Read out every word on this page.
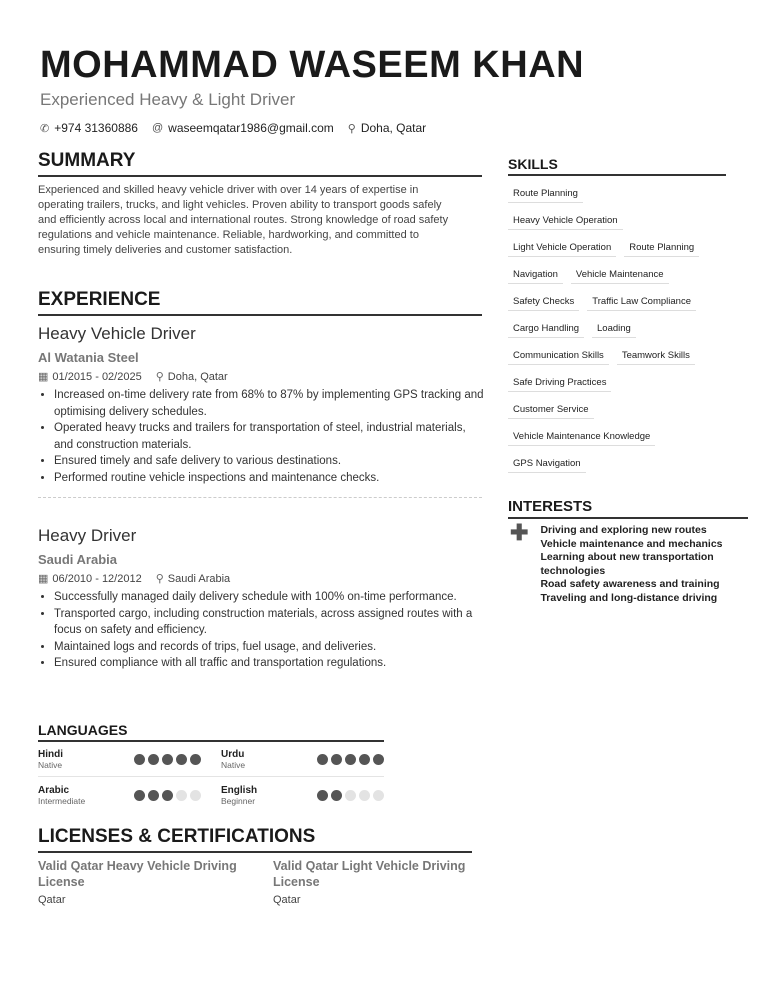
MOHAMMAD WASEEM KHAN
Experienced Heavy & Light Driver
✆ +974 31360886 @ waseemqatar1986@gmail.com ⚲ Doha, Qatar
SUMMARY
Experienced and skilled heavy vehicle driver with over 14 years of expertise in operating trailers, trucks, and light vehicles. Proven ability to transport goods safely and efficiently across local and international routes. Strong knowledge of road safety regulations and vehicle maintenance. Reliable, hardworking, and committed to ensuring timely deliveries and customer satisfaction.
EXPERIENCE
Heavy Vehicle Driver
Al Watania Steel
▦ 01/2015 - 02/2025 ⚲ Doha, Qatar
• Increased on-time delivery rate from 68% to 87% by implementing GPS tracking and optimising delivery schedules.
• Operated heavy trucks and trailers for transportation of steel, industrial materials, and construction materials.
• Ensured timely and safe delivery to various destinations.
• Performed routine vehicle inspections and maintenance checks.
Heavy Driver
Saudi Arabia
▦ 06/2010 - 12/2012 ⚲ Saudi Arabia
• Successfully managed daily delivery schedule with 100% on-time performance.
• Transported cargo, including construction materials, across assigned routes with a focus on safety and efficiency.
• Maintained logs and records of trips, fuel usage, and deliveries.
• Ensured compliance with all traffic and transportation regulations.
SKILLS
Route Planning
Heavy Vehicle Operation
Light Vehicle Operation	Route Planning
Navigation	Vehicle Maintenance
Safety Checks	Traffic Law Compliance
Cargo Handling	Loading
Communication Skills	Teamwork Skills
Safe Driving Practices
Customer Service
Vehicle Maintenance Knowledge
GPS Navigation
INTERESTS
✚ Driving and exploring new routes
Vehicle maintenance and mechanics
Learning about new transportation technologies
Road safety awareness and training
Traveling and long-distance driving
LANGUAGES
Hindi
Native
Urdu
Native
Arabic
Intermediate
English
Beginner
LICENSES & CERTIFICATIONS
Valid Qatar Heavy Vehicle Driving License
Qatar
Valid Qatar Light Vehicle Driving License
Qatar
